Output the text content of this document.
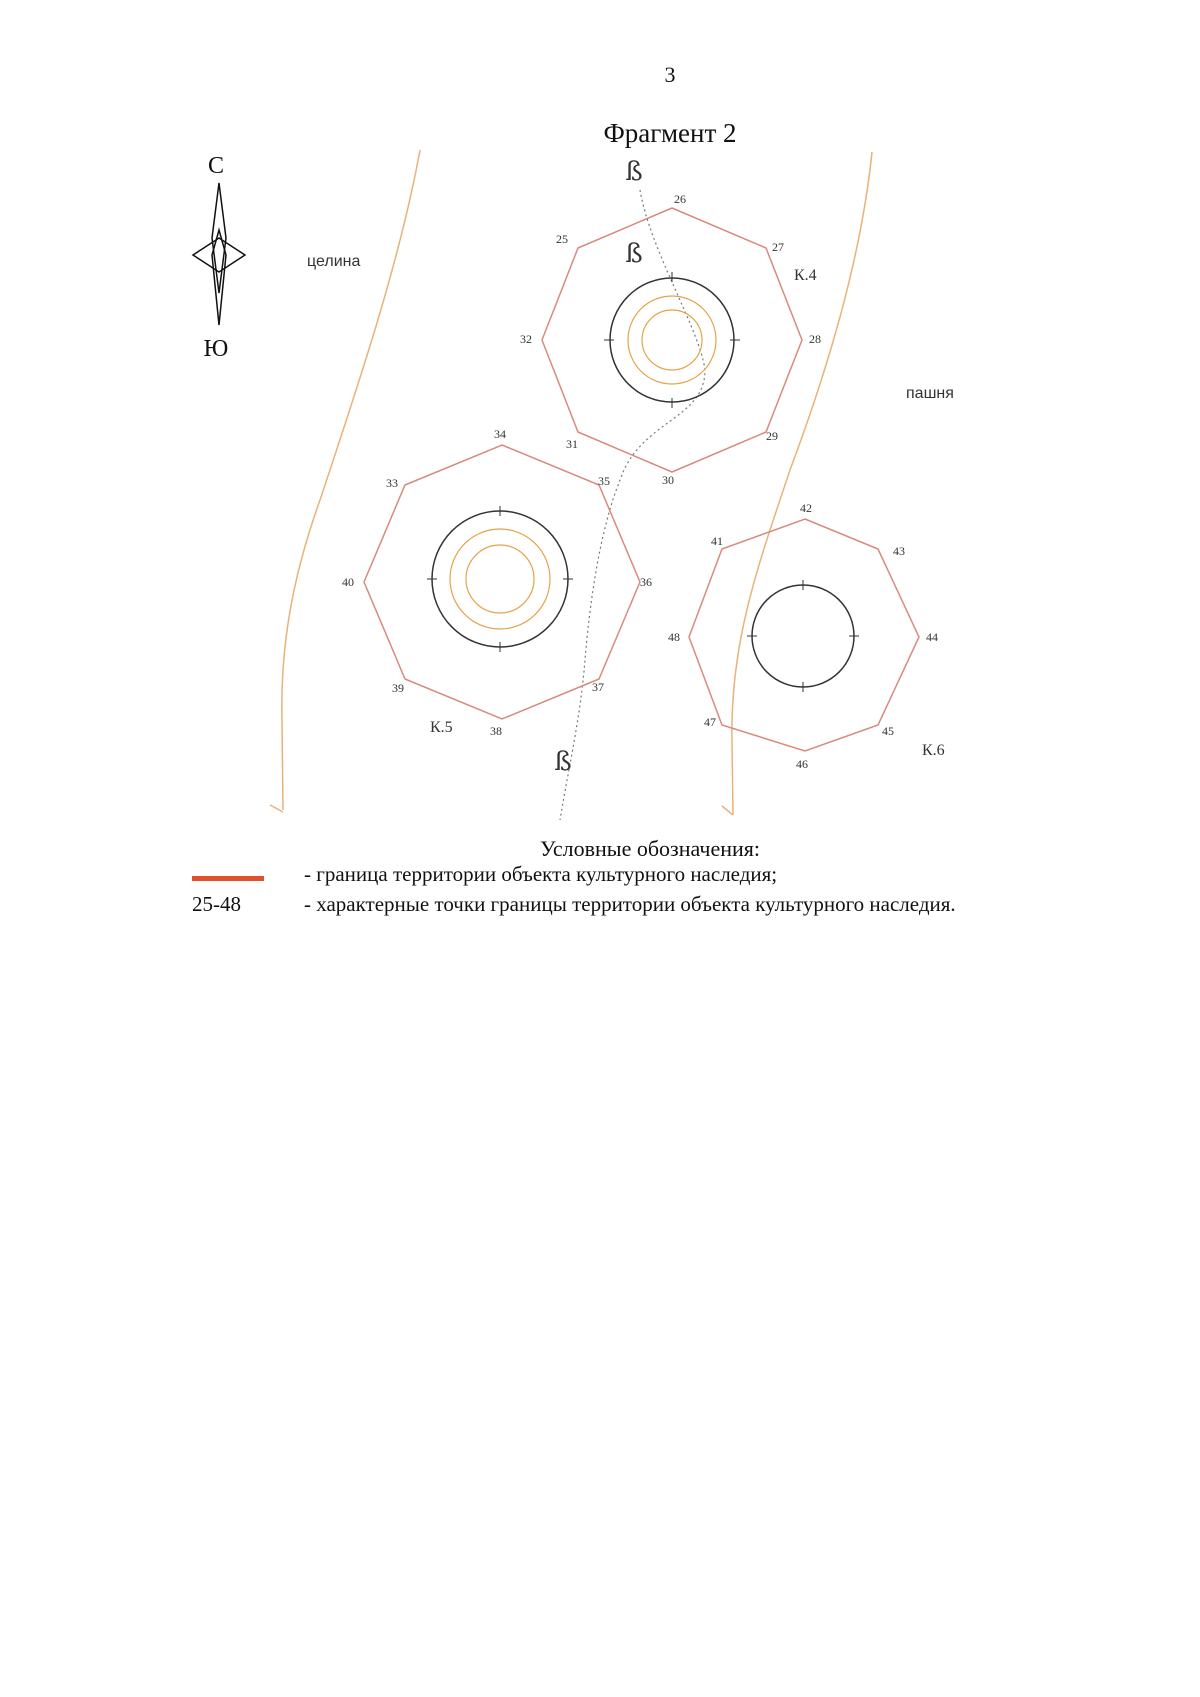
3
Фрагмент 2
С
Ю
целина
пашня
ß
ß
ß
25
26
27
28
29
30
31
32
К.4
33
34
35
36
37
38
39
40
К.5
41
42
43
44
45
46
47
48
К.6
Условные обозначения:
- граница территории объекта культурного наследия;
25-48	- характерные точки границы территории объекта культурного наследия.
